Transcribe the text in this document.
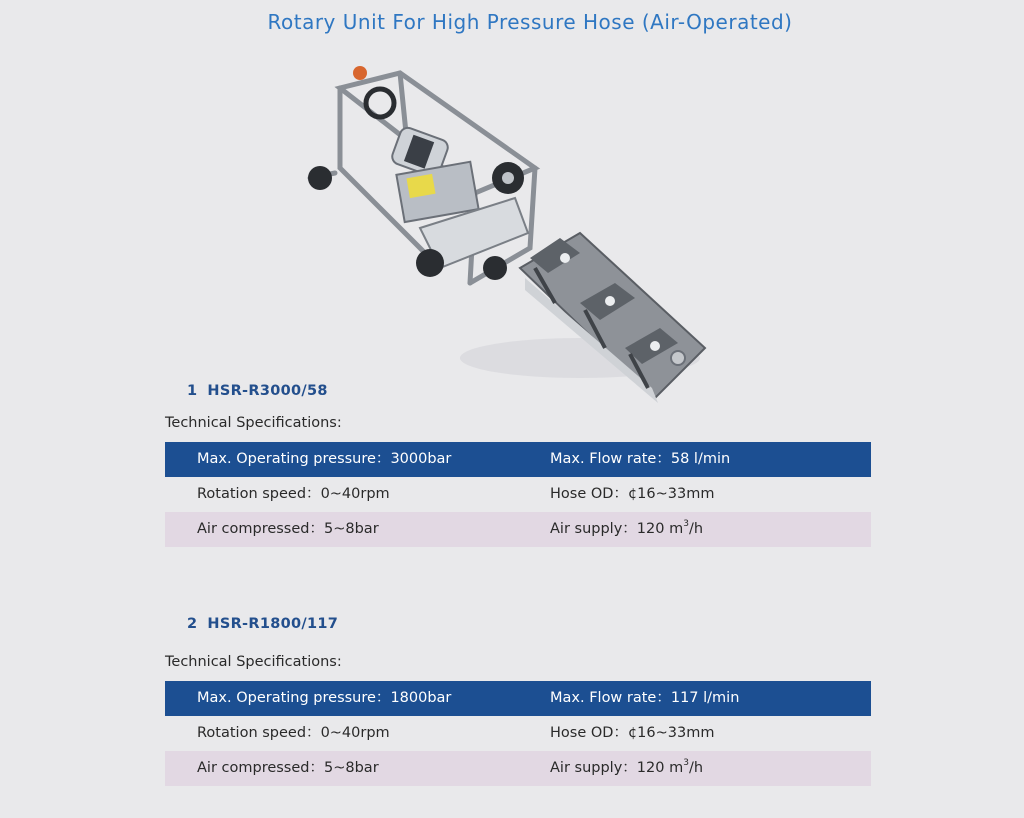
Rotary Unit For High Pressure Hose (Air-Operated)
1 HSR-R3000/58
Technical Specifications:
Max. Operating pressure：3000bar	Max. Flow rate：58 l/min
Rotation speed：0~40rpm	Hose OD：¢16~33mm
Air compressed：5~8bar	Air supply：120 $m^3/h$
2 HSR-R1800/117
Technical Specifications:
Max. Operating pressure：1800bar	Max. Flow rate：117 l/min
Rotation speed：0~40rpm	Hose OD：¢16~33mm
Air compressed：5~8bar	Air supply：120 $m^3/h$
